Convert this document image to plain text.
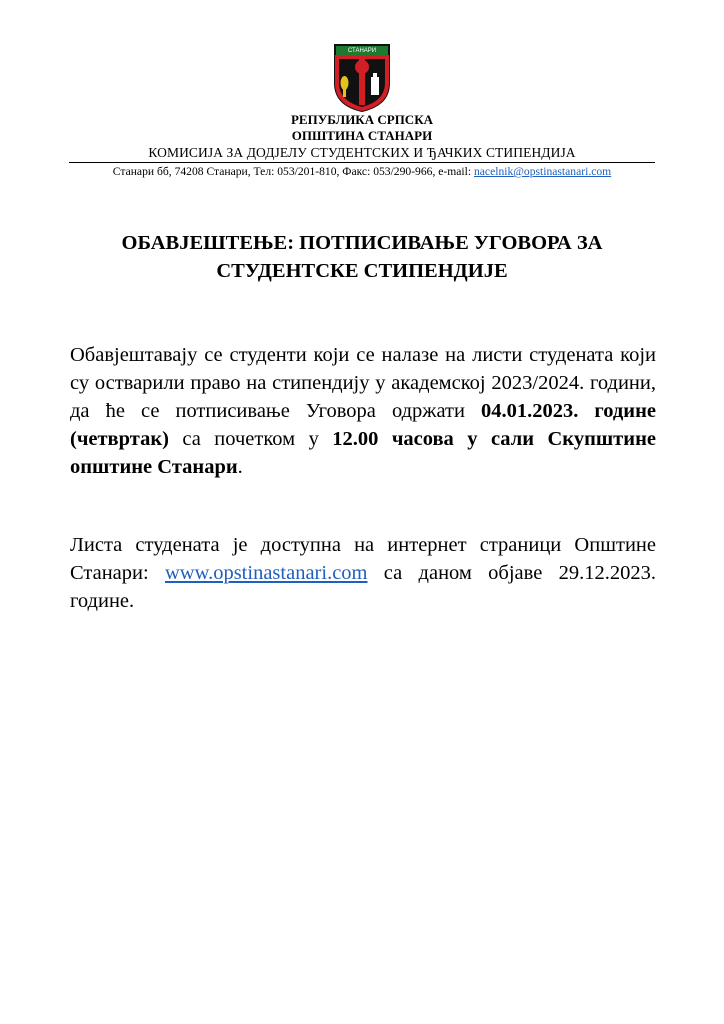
СТАНАРИ
РЕПУБЛИКА СРПСКА
ОПШТИНА СТАНАРИ
КОМИСИЈА ЗА ДОДЈЕЛУ СТУДЕНТСКИХ И ЂАЧКИХ СТИПЕНДИЈА
Станари бб, 74208 Станари, Тел: 053/201-810, Факс: 053/290-966, e-mail: nacelnik@opstinastanari.com
ОБАВЈЕШТЕЊЕ: ПОТПИСИВАЊЕ УГОВОРА ЗА
СТУДЕНТСКЕ СТИПЕНДИЈЕ
Обавјештавају се студенти који се налазе на листи студената који су остварили право на стипендију у академској 2023/2024. години, да ће се потписивање Уговора одржати 04.01.2023. године (четвртак) са почетком у 12.00 часова у сали Скупштине општине Станари.
Листа студената је доступна на интернет страници Општине Станари: www.opstinastanari.com са даном објаве 29.12.2023. године.
